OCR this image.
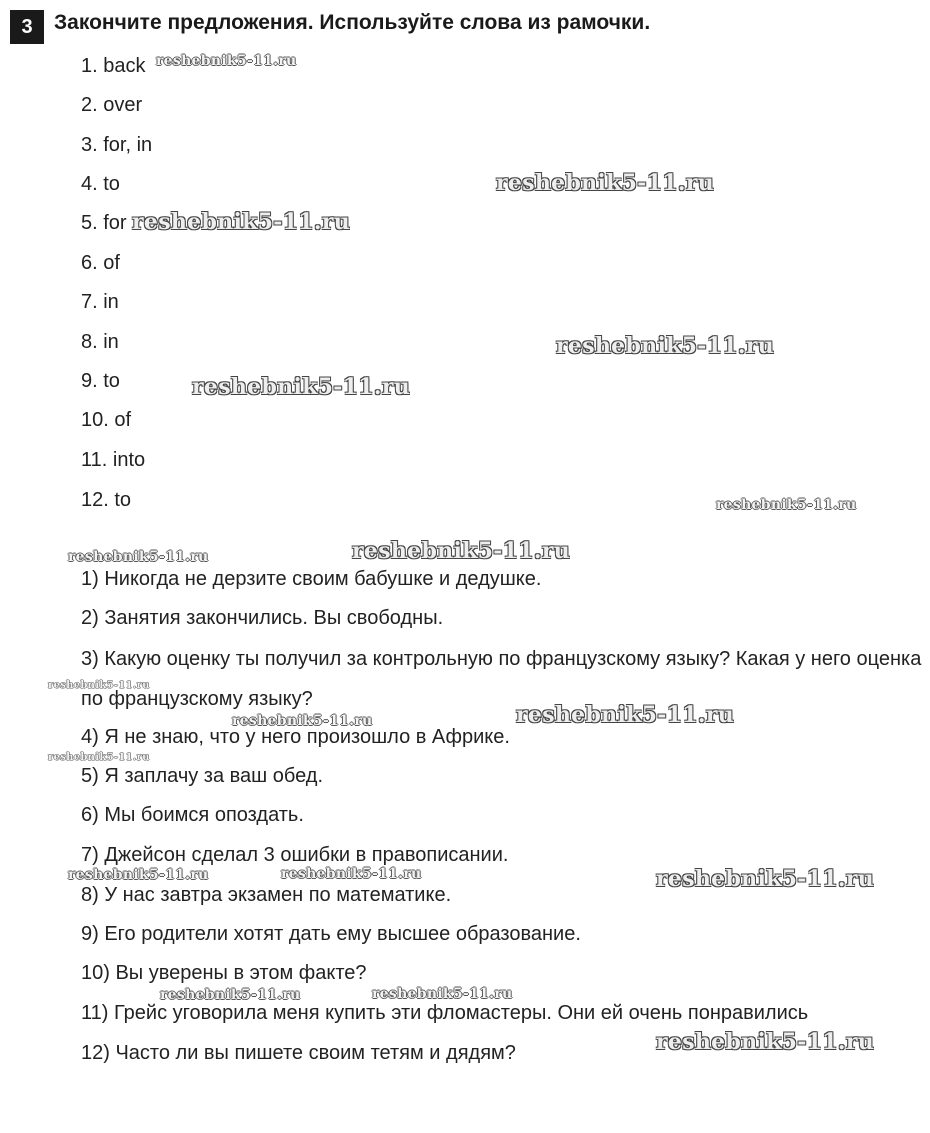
3	Закончите предложения. Используйте слова из рамочки.
1. back
2. over
3. for, in
4. to
5. for
6. of
7. in
8. in
9. to
10. of
11. into
12. to
1) Никогда не дерзите своим бабушке и дедушке.
2) Занятия закончились. Вы свободны.
3) Какую оценку ты получил за контрольную по французскому языку? Какая у него оценка по французскому языку?
4) Я не знаю, что у него произошло в Африке.
5) Я заплачу за ваш обед.
6) Мы боимся опоздать.
7) Джейсон сделал 3 ошибки в правописании.
8) У нас завтра экзамен по математике.
9) Его родители хотят дать ему высшее образование.
10) Вы уверены в этом факте?
11) Грейс уговорила меня купить эти фломастеры. Они ей очень понравились
12) Часто ли вы пишете своим тетям и дядям?
reshebnik5-11.ru
reshebnik5-11.ru
reshebnik5-11.ru
reshebnik5-11.ru
reshebnik5-11.ru
reshebnik5-11.ru
reshebnik5-11.ru
reshebnik5-11.ru
reshebnik5-11.ru
reshebnik5-11.ru
reshebnik5-11.ru
reshebnik5-11.ru
reshebnik5-11.ru	reshebnik5-11.ru	reshebnik5-11.ru
reshebnik5-11.ru	reshebnik5-11.ru
reshebnik5-11.ru
